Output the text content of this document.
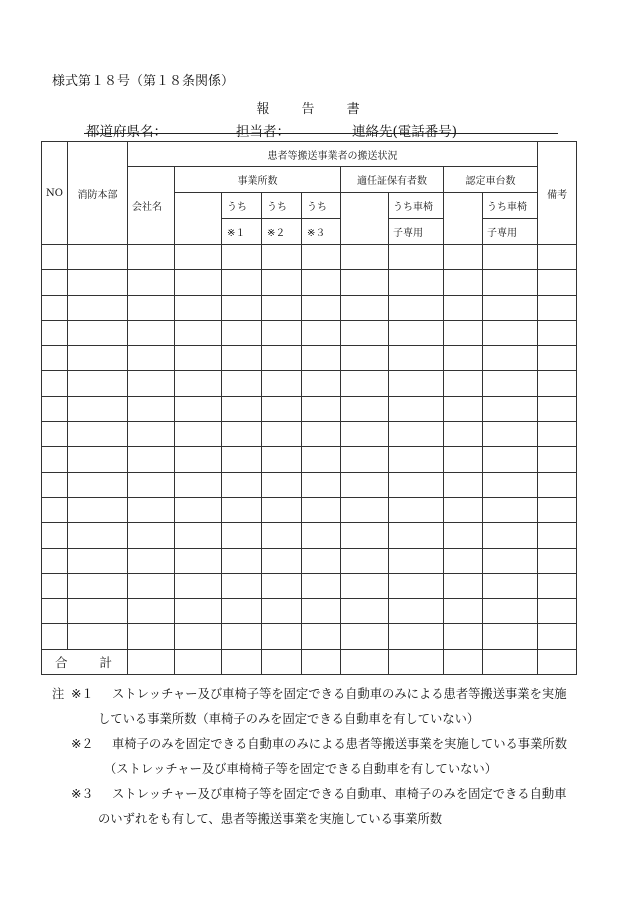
様式第１８号（第１８条関係）
報 告 書
都道府県名：	担当者：	連絡先(電話番号)
NO	消防本部	患者等搬送事業者の搬送状況									備考
		会社名	事業所数				適任証保有者数		認定車台数		
				うち	うち	うち		うち車椅		うち車椅	
				※１	※２	※３		子専用		子専用	

合 計											
注 ※１ ストレッチャー及び車椅子等を固定できる自動車のみによる患者等搬送事業を実施
している事業所数（車椅子のみを固定できる自動車を有していない）
※２ 車椅子のみを固定できる自動車のみによる患者等搬送事業を実施している事業所数
（ストレッチャー及び車椅椅子等を固定できる自動車を有していない）
※３ ストレッチャー及び車椅子等を固定できる自動車、車椅子のみを固定できる自動車
のいずれをも有して、患者等搬送事業を実施している事業所数
